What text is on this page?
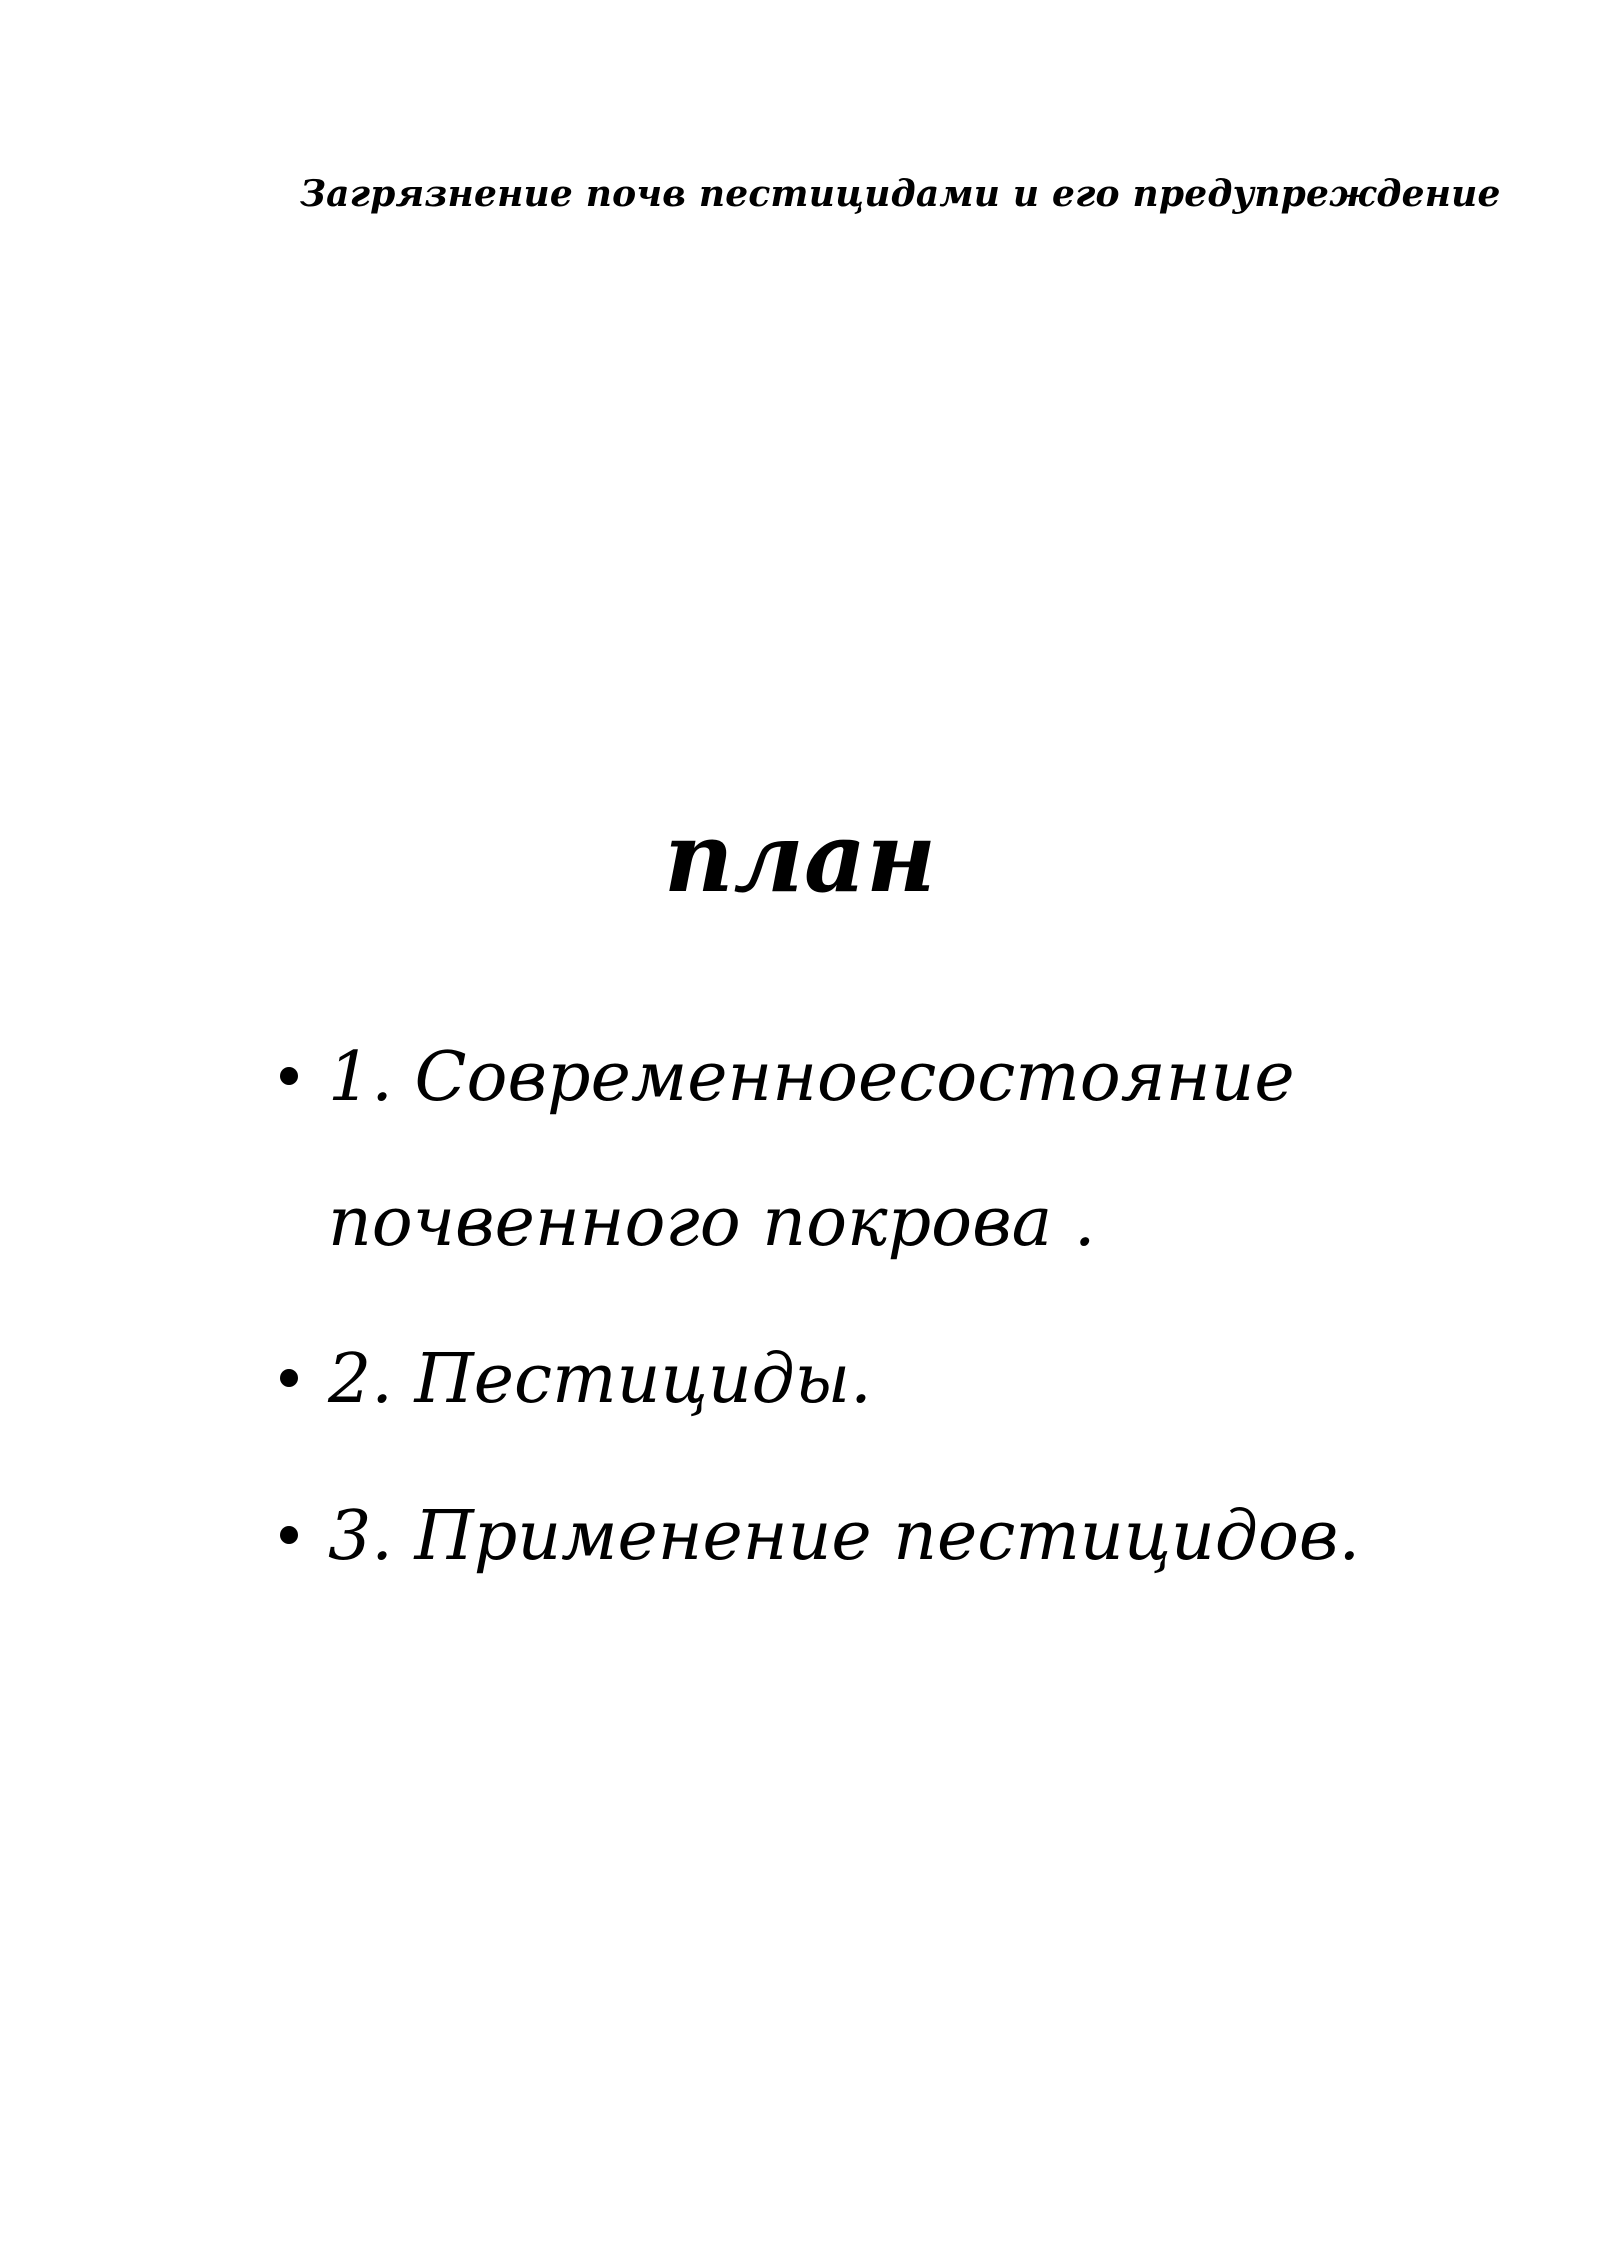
Загрязнение почв пестицидами и его предупреждение
план
1. Современноесостояние почвенного покрова .
2. Пестициды.
3. Применение пестицидов.
